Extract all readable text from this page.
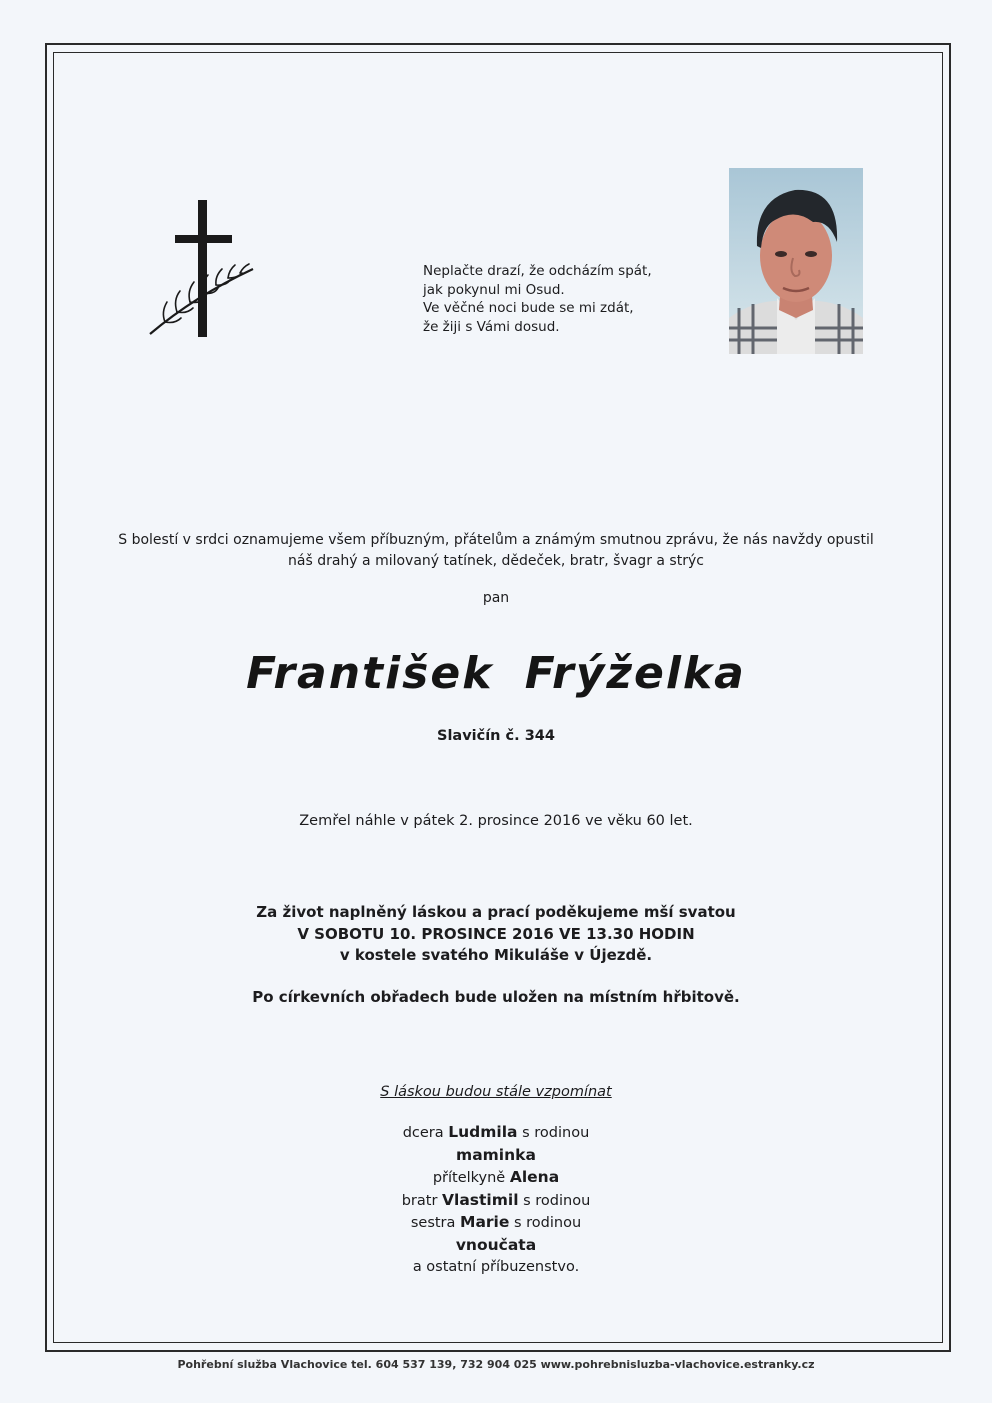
Neplačte drazí, že odcházím spát,
jak pokynul mi Osud.
Ve věčné noci bude se mi zdát,
že žiji s Vámi dosud.
S bolestí v srdci oznamujeme všem příbuzným, přátelům a známým smutnou zprávu, že nás navždy opustil
náš drahý a milovaný tatínek, dědeček, bratr, švagr a strýc
pan
František Frýželka
Slavičín č. 344
Zemřel náhle v pátek 2. prosince 2016 ve věku 60 let.
Za život naplněný láskou a prací poděkujeme mší svatou
V SOBOTU 10. PROSINCE 2016 VE 13.30 HODIN
v kostele svatého Mikuláše v Újezdě.
Po církevních obřadech bude uložen na místním hřbitově.
S láskou budou stále vzpomínat
dcera Ludmila s rodinou
maminka
přítelkyně Alena
bratr Vlastimil s rodinou
sestra Marie s rodinou
vnoučata
a ostatní příbuzenstvo.
Pohřební služba Vlachovice tel. 604 537 139, 732 904 025 www.pohrebnisluzba-vlachovice.estranky.cz
